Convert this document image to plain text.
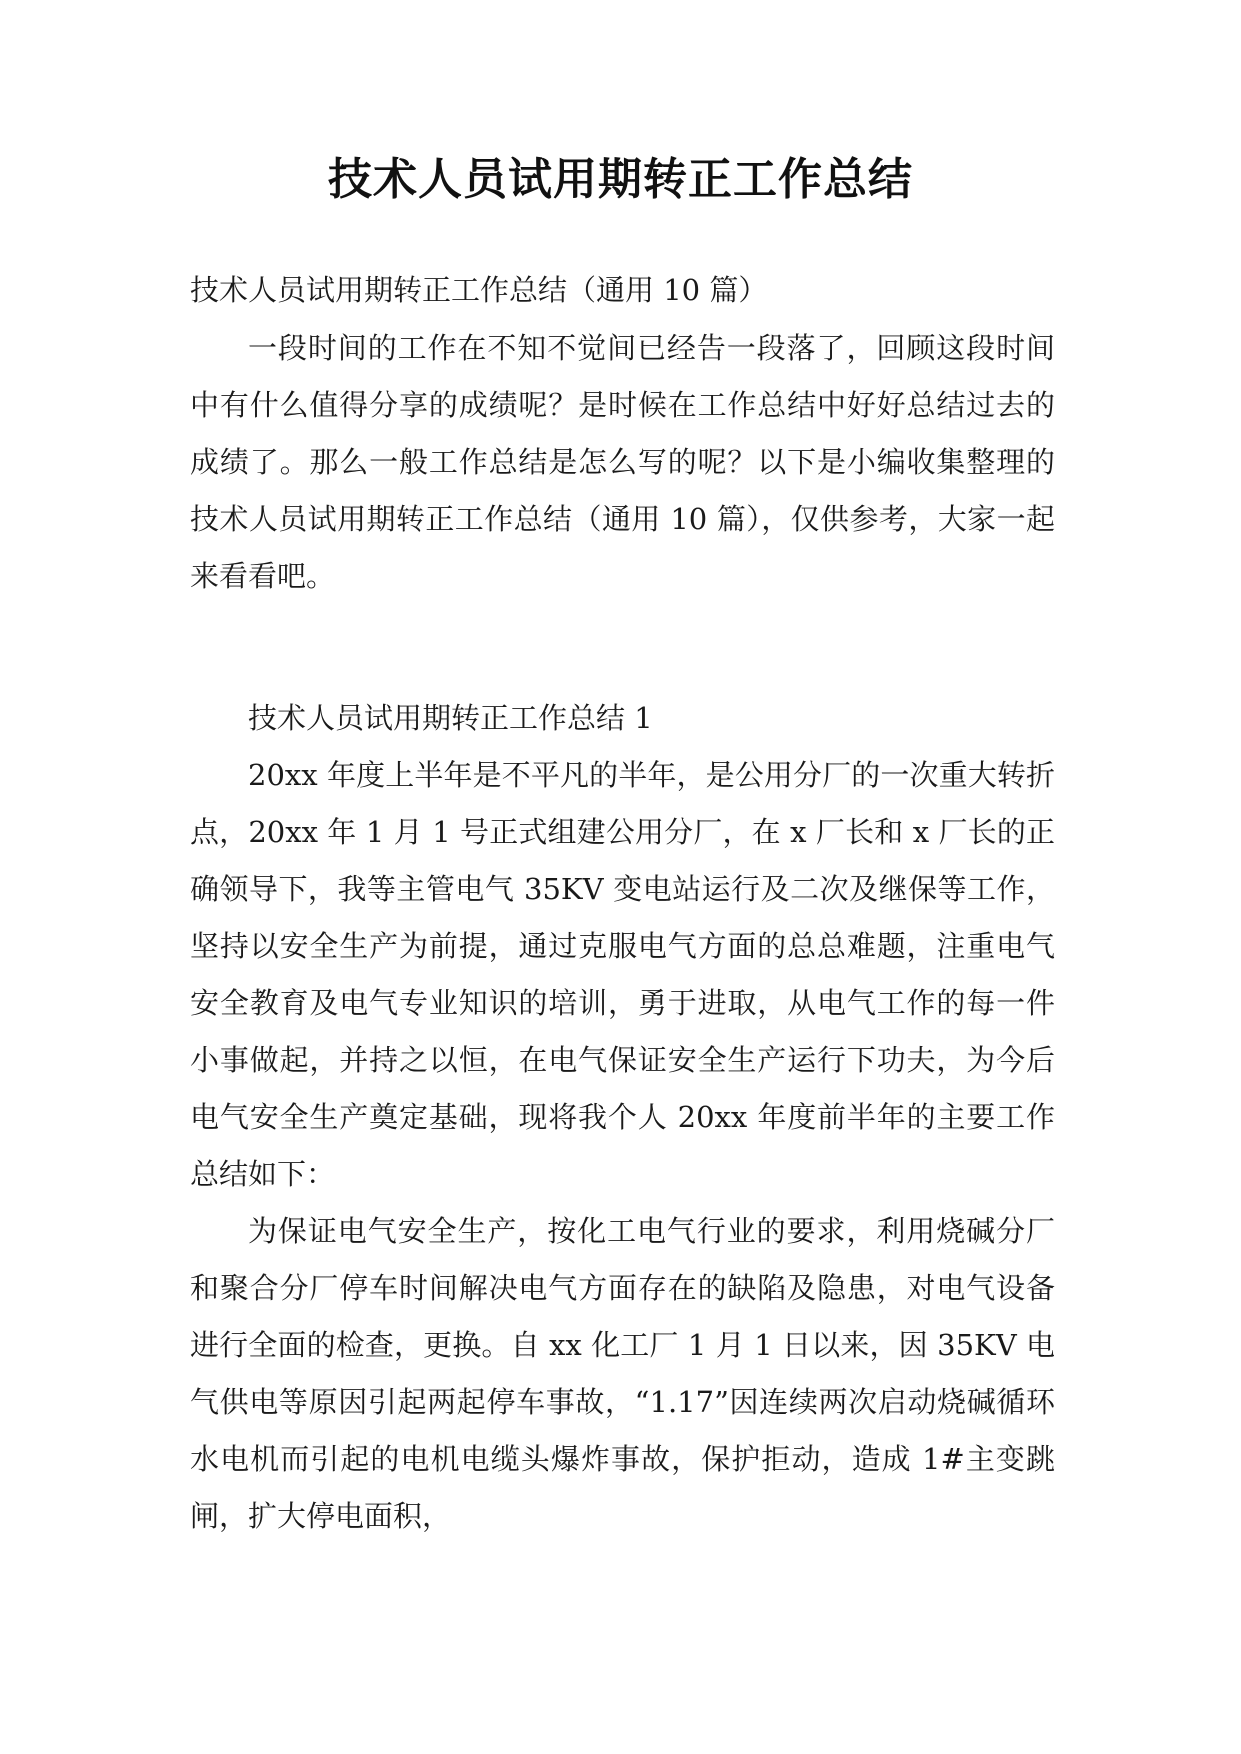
技术人员试用期转正工作总结

技术人员试用期转正工作总结（通用 10 篇）

一段时间的工作在不知不觉间已经告一段落了，回顾这段时间中有什么值得分享的成绩呢？是时候在工作总结中好好总结过去的成绩了。那么一般工作总结是怎么写的呢？以下是小编收集整理的技术人员试用期转正工作总结（通用 10 篇），仅供参考，大家一起来看看吧。

技术人员试用期转正工作总结 1

20xx 年度上半年是不平凡的半年，是公用分厂的一次重大转折点，20xx 年 1 月 1 号正式组建公用分厂，在 x 厂长和 x 厂长的正确领导下，我等主管电气 35KV 变电站运行及二次及继保等工作，坚持以安全生产为前提，通过克服电气方面的总总难题，注重电气安全教育及电气专业知识的培训，勇于进取，从电气工作的每一件小事做起，并持之以恒，在电气保证安全生产运行下功夫，为今后电气安全生产奠定基础，现将我个人 20xx 年度前半年的主要工作总结如下：

为保证电气安全生产，按化工电气行业的要求，利用烧碱分厂和聚合分厂停车时间解决电气方面存在的缺陷及隐患，对电气设备进行全面的检查，更换。自 xx 化工厂 1 月 1 日以来，因 35KV 电气供电等原因引起两起停车事故，“1.17”因连续两次启动烧碱循环水电机而引起的电机电缆头爆炸事故，保护拒动，造成 1#主变跳闸，扩大停电面积，
